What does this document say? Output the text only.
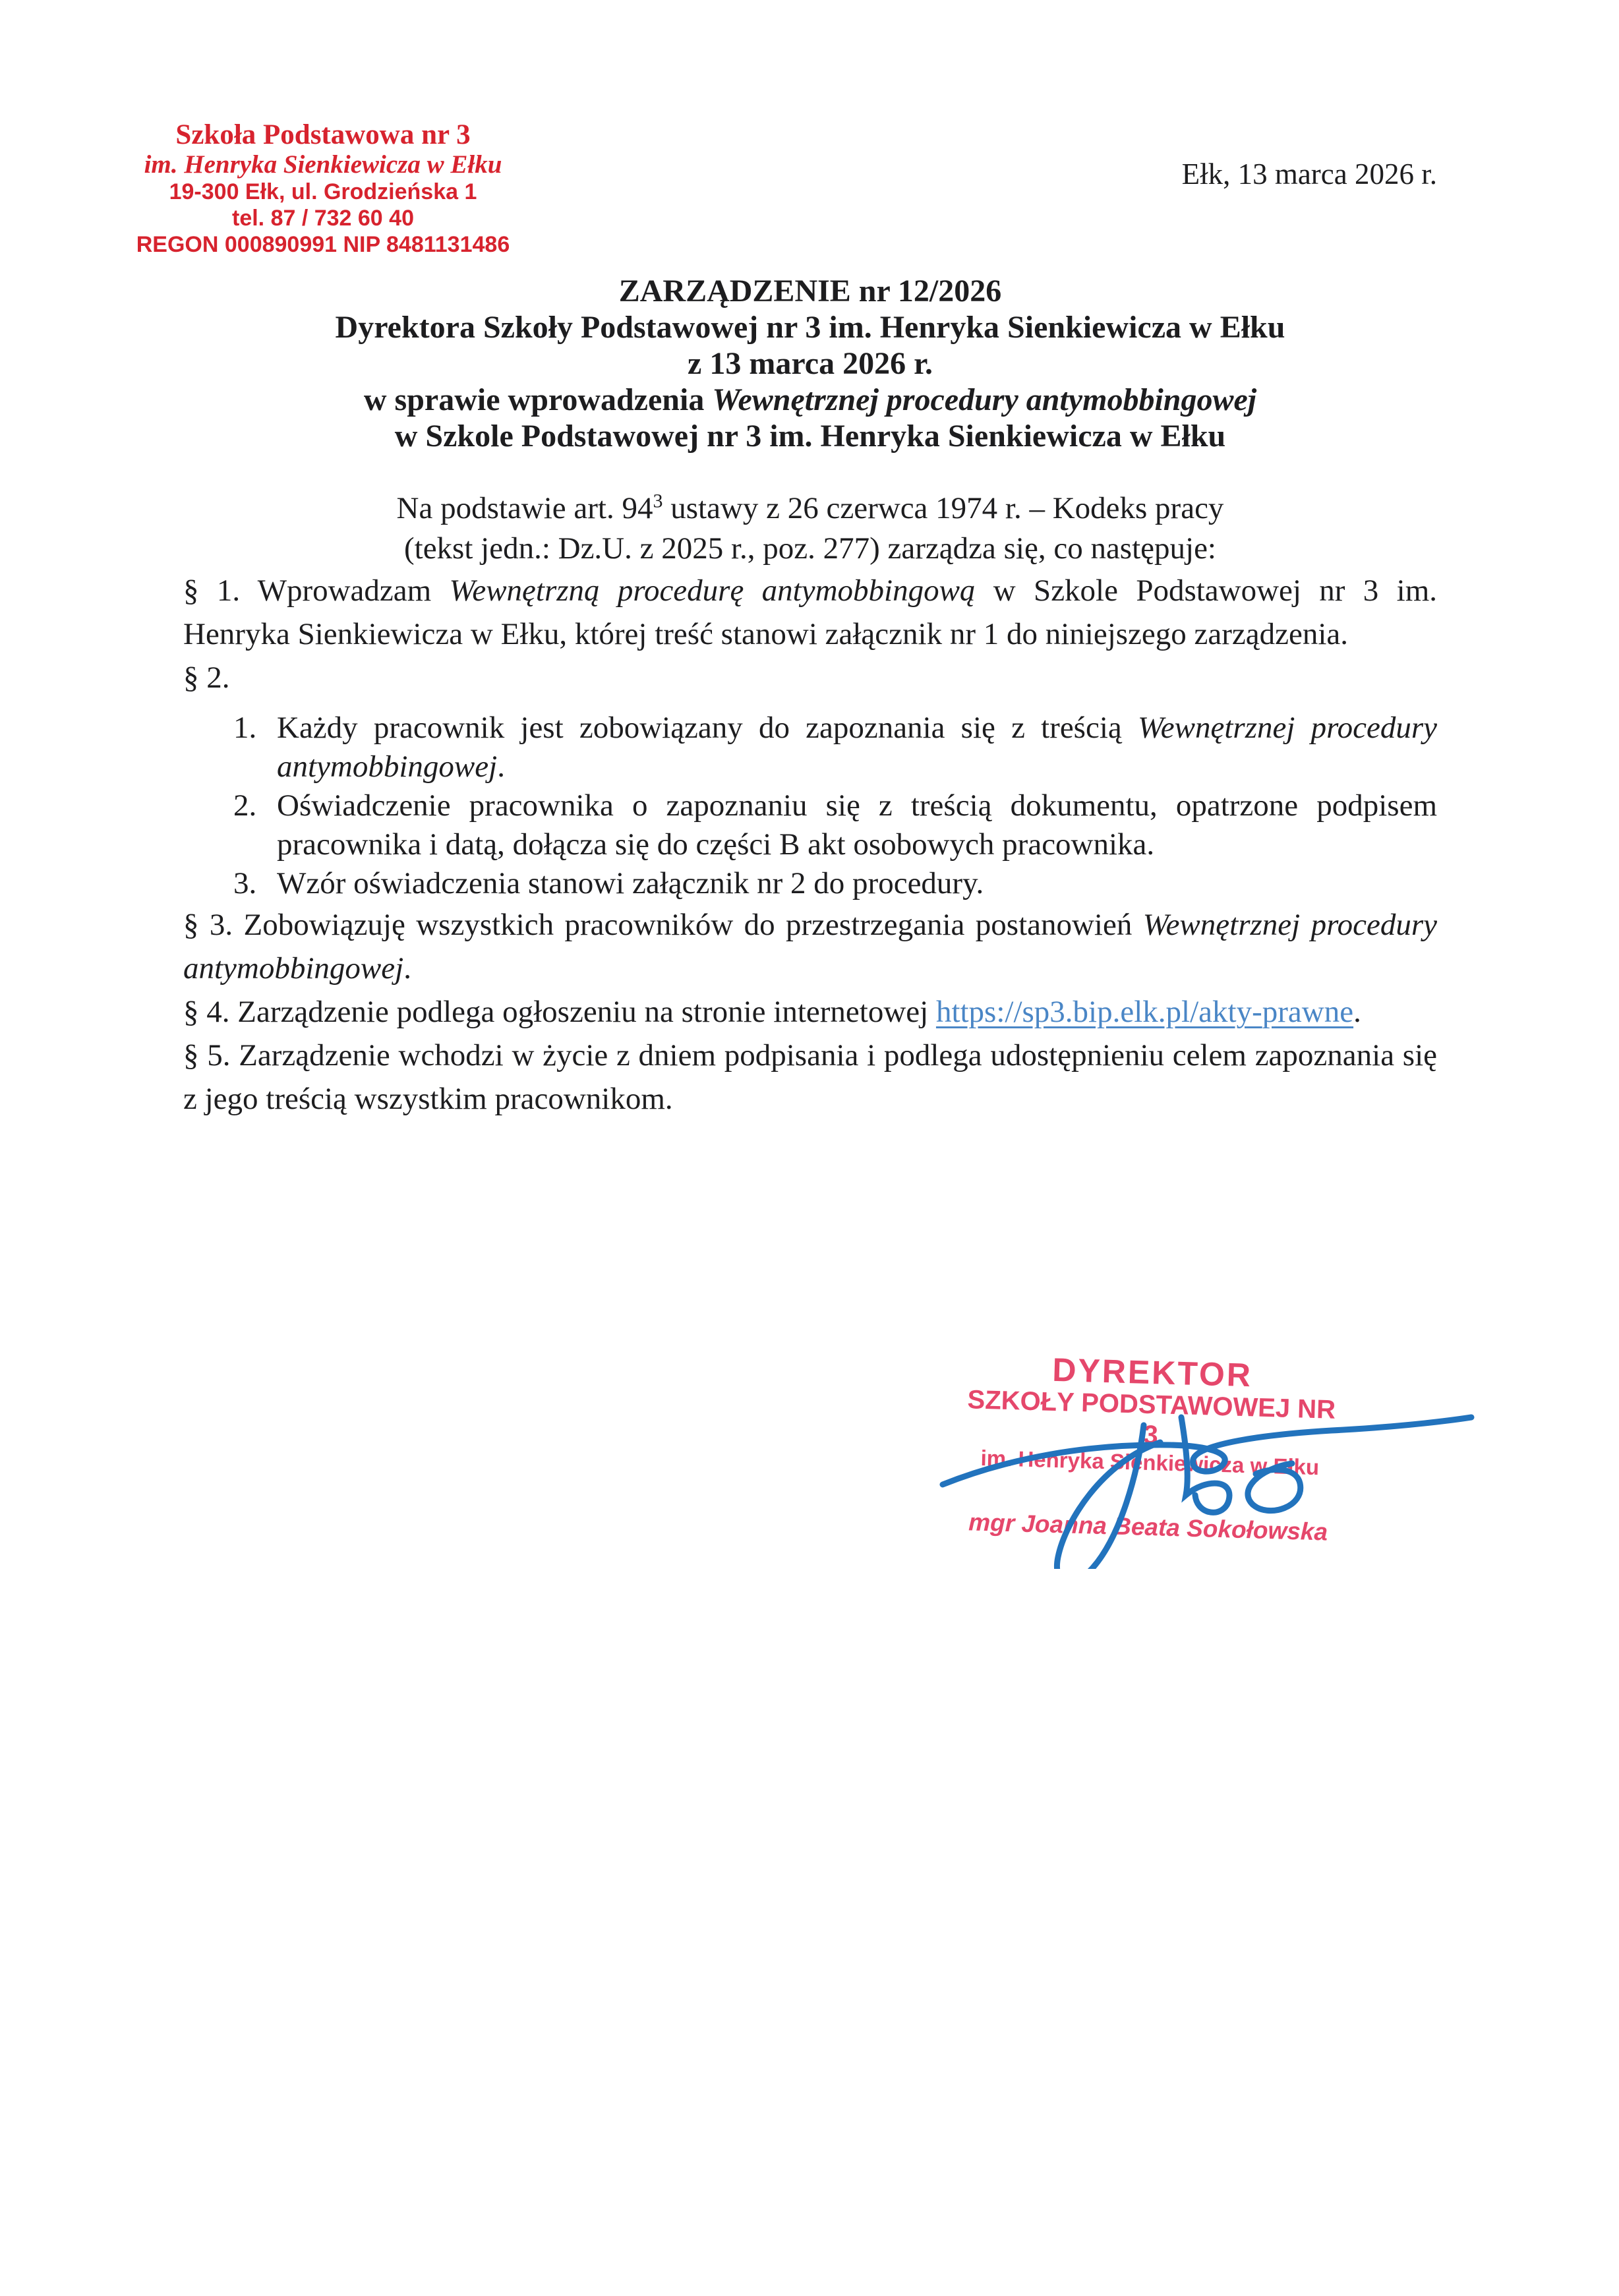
Szkoła Podstawowa nr 3
im. Henryka Sienkiewicza w Ełku
19-300 Ełk, ul. Grodzieńska 1
tel. 87 / 732 60 40
REGON 000890991 NIP 8481131486
Ełk, 13 marca 2026 r.
ZARZĄDZENIE nr 12/2026
Dyrektora Szkoły Podstawowej nr 3 im. Henryka Sienkiewicza w Ełku
z 13 marca 2026 r.
w sprawie wprowadzenia Wewnętrznej procedury antymobbingowej
w Szkole Podstawowej nr 3 im. Henryka Sienkiewicza w Ełku
Na podstawie art. $94^3$ ustawy z 26 czerwca 1974 r. – Kodeks pracy
(tekst jedn.: Dz.U. z 2025 r., poz. 277) zarządza się, co następuje:

§ 1. Wprowadzam Wewnętrzną procedurę antymobbingową w Szkole Podstawowej nr 3 im. Henryka Sienkiewicza w Ełku, której treść stanowi załącznik nr 1 do niniejszego zarządzenia.

§ 2.

1. Każdy pracownik jest zobowiązany do zapoznania się z treścią Wewnętrznej procedury antymobbingowej.
2. Oświadczenie pracownika o zapoznaniu się z treścią dokumentu, opatrzone podpisem pracownika i datą, dołącza się do części B akt osobowych pracownika.
3. Wzór oświadczenia stanowi załącznik nr 2 do procedury.

§ 3. Zobowiązuję wszystkich pracowników do przestrzegania postanowień Wewnętrznej procedury antymobbingowej.

§ 4. Zarządzenie podlega ogłoszeniu na stronie internetowej https://sp3.bip.elk.pl/akty-prawne.

§ 5. Zarządzenie wchodzi w życie z dniem podpisania i podlega udostępnieniu celem zapoznania się z jego treścią wszystkim pracownikom.

DYREKTOR
SZKOŁY PODSTAWOWEJ NR 3
im. Henryka Sienkiewicza w Ełku
mgr Joanna Beata Sokołowska
